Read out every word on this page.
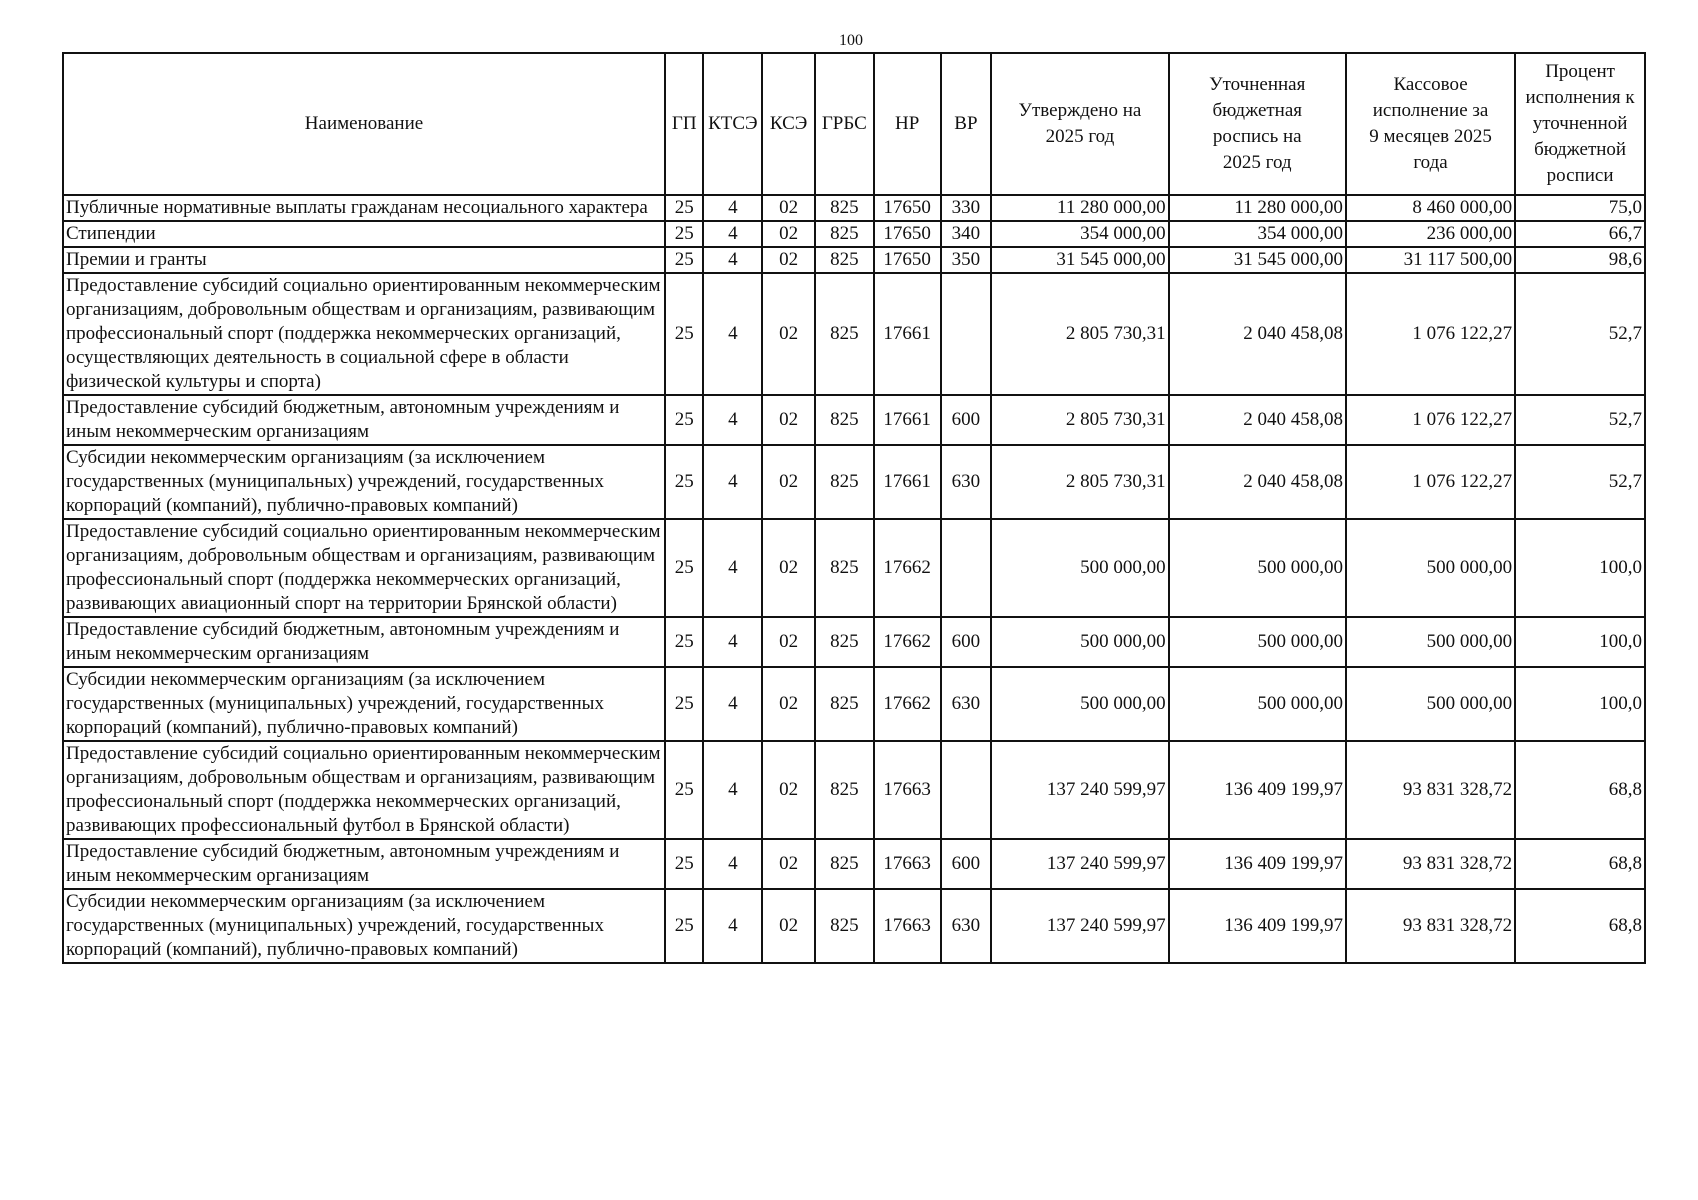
100
Наименование	ГП	КТСЭ	КСЭ	ГРБС	НР	ВР	Утверждено на 2025 год	Уточненная бюджетная роспись на 2025 год	Кассовое исполнение за 9 месяцев 2025 года	Процент исполнения к уточненной бюджетной росписи
Публичные нормативные выплаты гражданам несоциального характера	25	4	02	825	17650	330	11 280 000,00	11 280 000,00	8 460 000,00	75,0
Стипендии	25	4	02	825	17650	340	354 000,00	354 000,00	236 000,00	66,7
Премии и гранты	25	4	02	825	17650	350	31 545 000,00	31 545 000,00	31 117 500,00	98,6
Предоставление субсидий социально ориентированным некоммерческим организациям, добровольным обществам и организациям, развивающим профессиональный спорт (поддержка некоммерческих организаций, осуществляющих деятельность в социальной сфере в области физической культуры и спорта)	25	4	02	825	17661		2 805 730,31	2 040 458,08	1 076 122,27	52,7
Предоставление субсидий бюджетным, автономным учреждениям и иным некоммерческим организациям	25	4	02	825	17661	600	2 805 730,31	2 040 458,08	1 076 122,27	52,7
Субсидии некоммерческим организациям (за исключением государственных (муниципальных) учреждений, государственных корпораций (компаний), публично-правовых компаний)	25	4	02	825	17661	630	2 805 730,31	2 040 458,08	1 076 122,27	52,7
Предоставление субсидий социально ориентированным некоммерческим организациям, добровольным обществам и организациям, развивающим профессиональный спорт (поддержка некоммерческих организаций, развивающих авиационный спорт на территории Брянской области)	25	4	02	825	17662		500 000,00	500 000,00	500 000,00	100,0
Предоставление субсидий бюджетным, автономным учреждениям и иным некоммерческим организациям	25	4	02	825	17662	600	500 000,00	500 000,00	500 000,00	100,0
Субсидии некоммерческим организациям (за исключением государственных (муниципальных) учреждений, государственных корпораций (компаний), публично-правовых компаний)	25	4	02	825	17662	630	500 000,00	500 000,00	500 000,00	100,0
Предоставление субсидий социально ориентированным некоммерческим организациям, добровольным обществам и организациям, развивающим профессиональный спорт (поддержка некоммерческих организаций, развивающих профессиональный футбол в Брянской области)	25	4	02	825	17663		137 240 599,97	136 409 199,97	93 831 328,72	68,8
Предоставление субсидий бюджетным, автономным учреждениям и иным некоммерческим организациям	25	4	02	825	17663	600	137 240 599,97	136 409 199,97	93 831 328,72	68,8
Субсидии некоммерческим организациям (за исключением государственных (муниципальных) учреждений, государственных корпораций (компаний), публично-правовых компаний)	25	4	02	825	17663	630	137 240 599,97	136 409 199,97	93 831 328,72	68,8
